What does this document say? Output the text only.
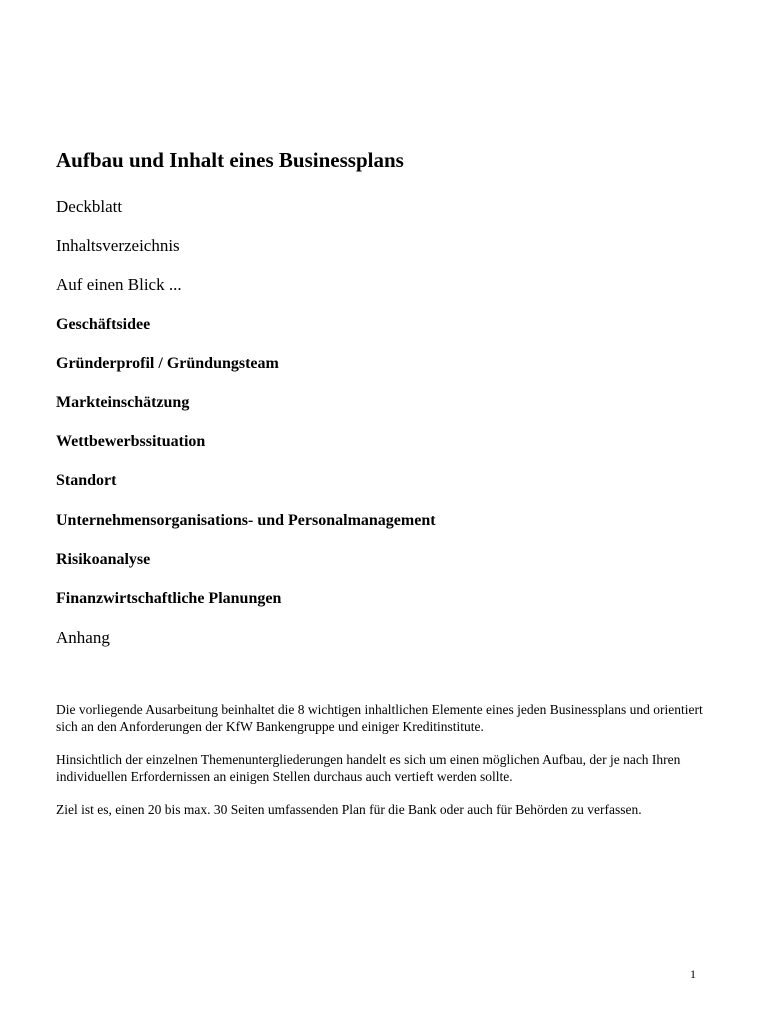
Aufbau und Inhalt eines Businessplans
Deckblatt
Inhaltsverzeichnis
Auf einen Blick ...
Geschäftsidee
Gründerprofil / Gründungsteam
Markteinschätzung
Wettbewerbssituation
Standort
Unternehmensorganisations- und Personalmanagement
Risikoanalyse
Finanzwirtschaftliche Planungen
Anhang

Die vorliegende Ausarbeitung beinhaltet die 8 wichtigen inhaltlichen Elemente eines jeden Businessplans und orientiert sich an den Anforderungen der KfW Bankengruppe und einiger Kreditinstitute.

Hinsichtlich der einzelnen Themenuntergliederungen handelt es sich um einen möglichen Aufbau, der je nach Ihren individuellen Erfordernissen an einigen Stellen durchaus auch vertieft werden sollte.

Ziel ist es, einen 20 bis max. 30 Seiten umfassenden Plan für die Bank oder auch für Behörden zu verfassen.

1
